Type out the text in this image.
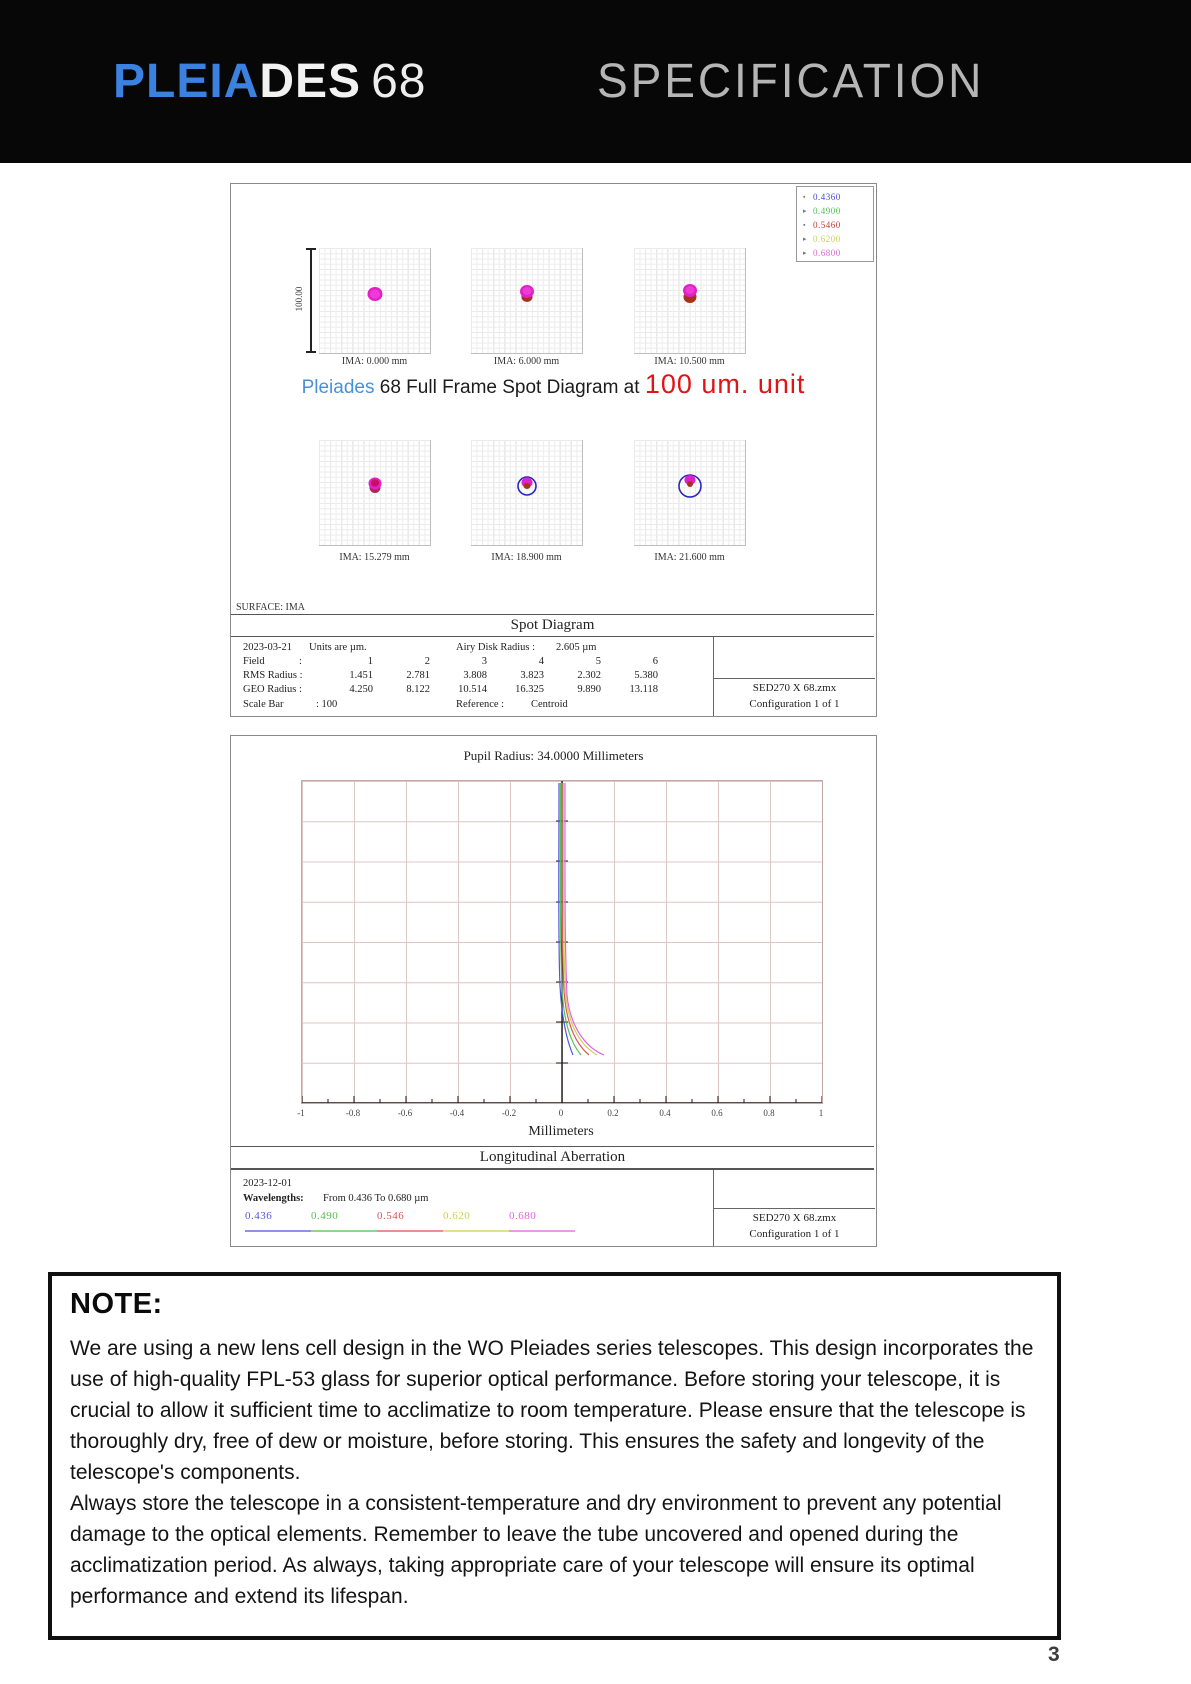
PLEIADES 68	SPECIFICATION
▪ 0.4360
▸ 0.4900
▪ 0.5460
▸ 0.6200
▸ 0.6800
100.00
IMA: 0.000 mm	IMA: 6.000 mm	IMA: 10.500 mm
Pleiades 68 Full Frame Spot Diagram at 100 um. unit
IMA: 15.279 mm	IMA: 18.900 mm	IMA: 21.600 mm
SURFACE: IMA
Spot Diagram
2023-03-21 Units are µm.	Airy Disk Radius : 2.605 µm
Field	:	1	2	3	4	5	6
RMS Radius :	1.451	2.781	3.808	3.823	2.302	5.380
GEO Radius :	4.250	8.122	10.514	16.325	9.890	13.118
Scale Bar	: 100	Reference :	Centroid
SED270 X 68.zmx
Configuration 1 of 1
Pupil Radius: 34.0000 Millimeters
-1	-0.8	-0.6	-0.4	-0.2	0	0.2	0.4	0.6	0.8	1
Millimeters
Longitudinal Aberration
2023-12-01
Wavelengths: From 0.436 To 0.680 µm
0.436	0.490	0.546	0.620	0.680	SED270 X 68.zmx
Configuration 1 of 1

NOTE:

We are using a new lens cell design in the WO Pleiades series telescopes. This design incorporates the use of high-quality FPL-53 glass for superior optical performance. Before storing your telescope, it is crucial to allow it sufficient time to acclimatize to room temperature. Please ensure that the telescope is thoroughly dry, free of dew or moisture, before storing. This ensures the safety and longevity of the telescope's components.

Always store the telescope in a consistent-temperature and dry environment to prevent any potential damage to the optical elements. Remember to leave the tube uncovered and opened during the acclimatization period. As always, taking appropriate care of your telescope will ensure its optimal performance and extend its lifespan.

3
